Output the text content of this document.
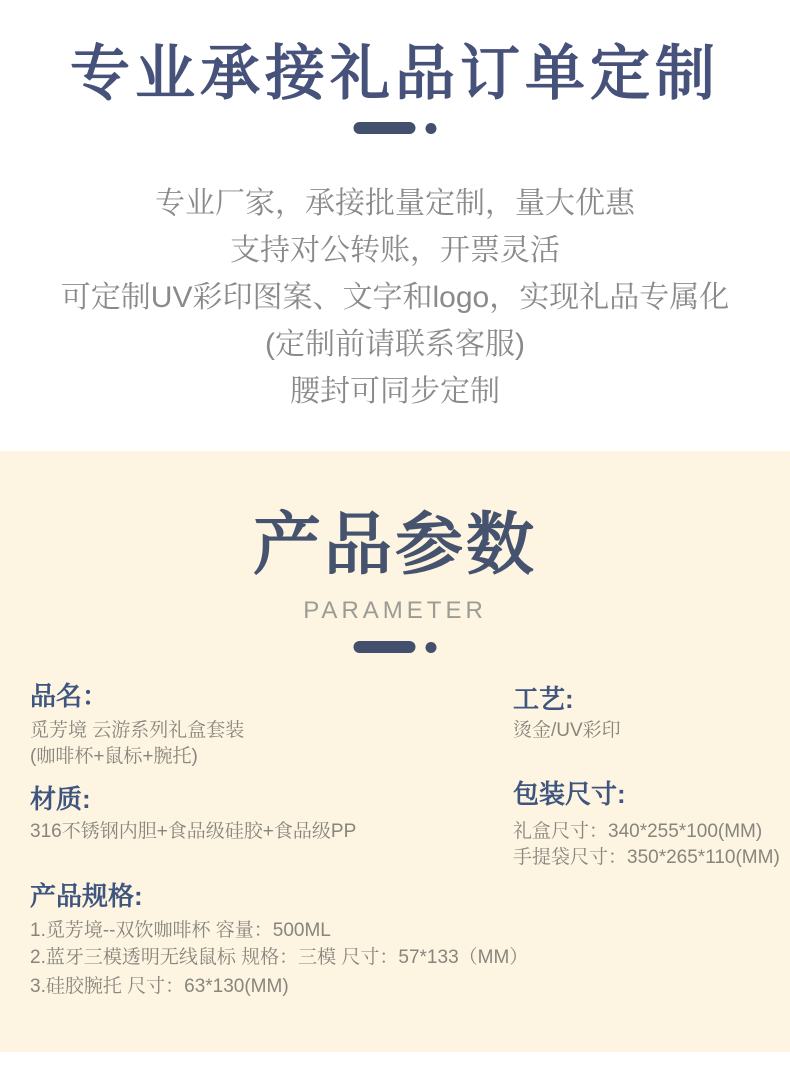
专业承接礼品订单定制

专业厂家，承接批量定制，量大优惠

支持对公转账，开票灵活

可定制UV彩印图案、文字和logo，实现礼品专属化

(定制前请联系客服)

腰封可同步定制

产品参数
PARAMETER
品名：
觅芳境 云游系列礼盒套装
(咖啡杯+鼠标+腕托)
材质:
316不锈钢内胆+食品级硅胶+食品级PP
工艺:
烫金/UV彩印
包装尺寸:
礼盒尺寸：340*255*100(MM)
手提袋尺寸：350*265*110(MM)
产品规格:
1.觅芳境--双饮咖啡杯 容量：500ML
2.蓝牙三模透明无线鼠标 规格：三模 尺寸：57*133（MM）
3.硅胶腕托 尺寸：63*130(MM)
